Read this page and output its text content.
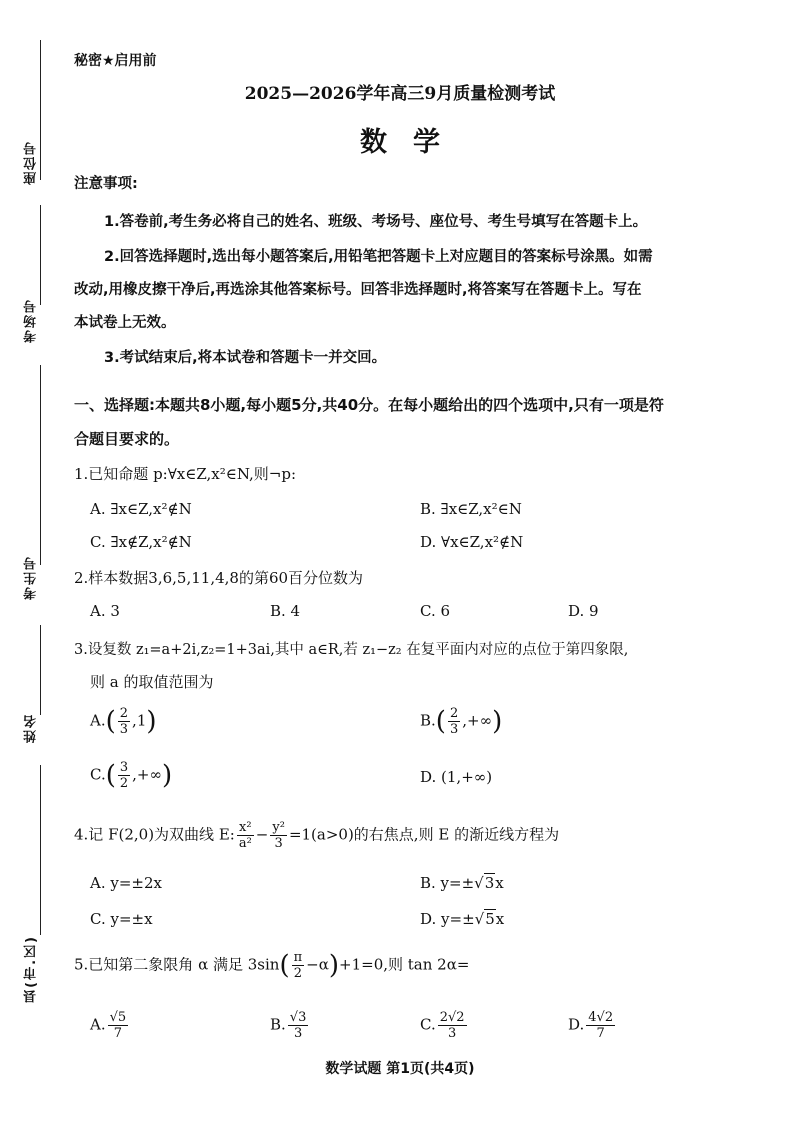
座位号
考场号
考生号
姓名
县(市.区)
秘密★启用前
2025—2026学年高三9月质量检测考试
数学
注意事项:
1.答卷前,考生务必将自己的姓名、班级、考场号、座位号、考生号填写在答题卡上。
2.回答选择题时,选出每小题答案后,用铅笔把答题卡上对应题目的答案标号涂黑。如需
改动,用橡皮擦干净后,再选涂其他答案标号。回答非选择题时,将答案写在答题卡上。写在
本试卷上无效。
3.考试结束后,将本试卷和答题卡一并交回。
一、选择题:本题共8小题,每小题5分,共40分。在每小题给出的四个选项中,只有一项是符
合题目要求的。
1.已知命题 p:∀x∈Z,x²∈N,则¬p:
A. ∃x∈Z,x²∉N	B. ∃x∈Z,x²∈N
C. ∃x∉Z,x²∉N	D. ∀x∈Z,x²∉N
2.样本数据3,6,5,11,4,8的第60百分位数为
A. 3	B. 4	C. 6	D. 9
3.设复数 z₁=a+2i,z₂=1+3ai,其中 a∈R,若 z₁−z₂ 在复平面内对应的点位于第四象限,
则 a 的取值范围为
$A.( \frac{2}{3} ,1)$	$B.( \frac{2}{3}$ ,+∞)
$C.( \frac{3}{2}$ ,+∞)	D. (1,+∞)
4.记 F(2,0)为双曲线 E: $\frac{\text{x²}}{\text{a²}} - \frac{\text{y²}}{3} =1(a>0)$的右焦点,则 E 的渐近线方程为
A. y=±2x	B. y=±√3x
C. y=±x	D. y=±√5x
5.已知第二象限角 α 满足 $3\sin( \frac{\pi}{2} -\alpha)+1=0$,则 tan 2α=
A. $\frac{√5}{7}$	B. $\frac{√3}{3}$	C. $\frac{2√2}{3}$	D. $\frac{4√2}{7}$
数学试题 第1页(共4页)
